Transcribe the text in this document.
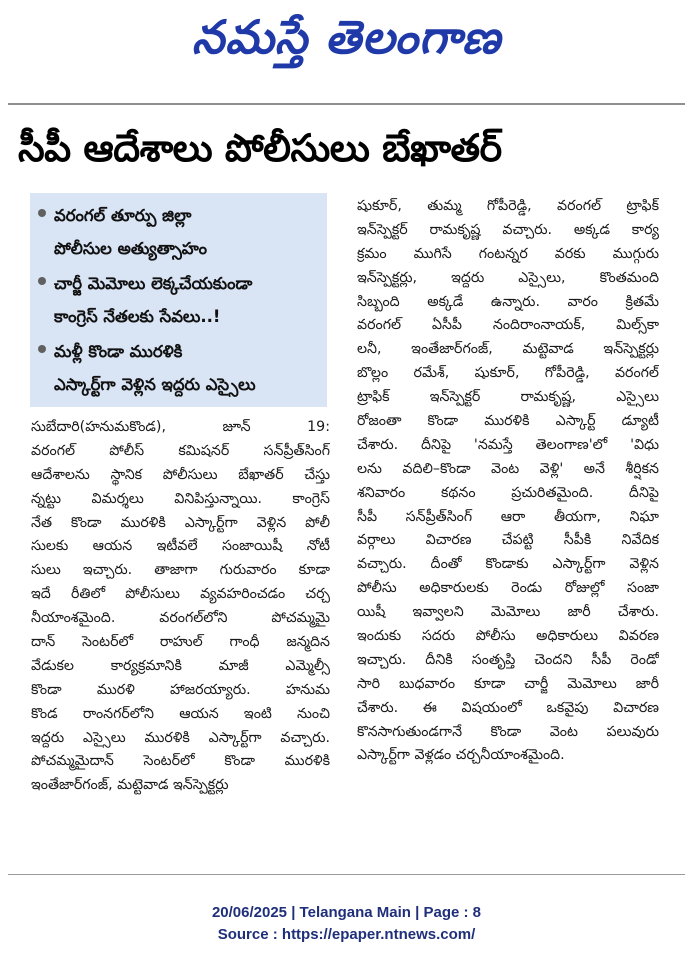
నమస్తే తెలంగాణ
సీపీ ఆదేశాలు పోలీసులు బేఖాతర్
వరంగల్ తూర్పు జిల్లా
పోలీసుల అత్యుత్సాహం
చార్జీ మెమోలు లెక్కచేయకుండా
కాంగ్రెస్ నేతలకు సేవలు..!
మళ్లీ కొండా మురళికి
ఎస్కార్ట్‌గా వెళ్లిన ఇద్దరు ఎస్సైలు
సుబేదారి(హనుమకొండ), జూన్ 19:
వరంగల్ పోలీస్ కమిషనర్ సన్‌ప్రీత్‌సింగ్
ఆదేశాలను స్థానిక పోలీసులు బేఖాతర్ చేస్తు
న్నట్టు విమర్శలు వినిపిస్తున్నాయి. కాంగ్రెస్
నేత కొండా మురళికి ఎస్కార్ట్‌గా వెళ్లిన పోలీ
సులకు ఆయన ఇటీవలే సంజాయిషీ నోటీ
సులు ఇచ్చారు. తాజాగా గురువారం కూడా
ఇదే రీతిలో పోలీసులు వ్యవహరించడం చర్చ
నీయాంశమైంది. వరంగల్‌లోని పోచమ్మమై
దాన్ సెంటర్‌లో రాహుల్ గాంధీ జన్మదిన
వేడుకల కార్యక్రమానికి మాజీ ఎమ్మెల్సీ
కొండా మురళి హాజరయ్యారు. హనుమ
కొండ రాంనగర్‌లోని ఆయన ఇంటి నుంచి
ఇద్దరు ఎస్సైలు మురళికి ఎస్కార్ట్‌గా వచ్చారు.
పోచమ్మమైదాన్ సెంటర్‌లో కొండా మురళికి
ఇంతేజార్‌గంజ్, మట్టెవాడ ఇన్‌స్పెక్టర్లు
షుకూర్, తుమ్మ గోపీరెడ్డి, వరంగల్ ట్రాఫిక్
ఇన్‌స్పెక్టర్ రామకృష్ణ వచ్చారు. అక్కడ కార్య
క్రమం ముగిసే గంటన్నర వరకు ముగ్గురు
ఇన్‌స్పెక్టర్లు, ఇద్దరు ఎస్సైలు, కొంతమంది
సిబ్బంది అక్కడే ఉన్నారు. వారం క్రితమే
వరంగల్ ఏసీపీ నందిరాంనాయక్, మిల్స్‌కా
లనీ, ఇంతేజార్‌గంజ్, మట్టెవాడ ఇన్‌స్పెక్టర్లు
బొల్లం రమేశ్, షుకూర్, గోపీరెడ్డి, వరంగల్
ట్రాఫిక్ ఇన్‌స్పెక్టర్ రామకృష్ణ, ఎస్సైలు
రోజంతా కొండా మురళికి ఎస్కార్ట్ డ్యూటీ
చేశారు. దీనిపై 'నమస్తే తెలంగాణ'లో 'విధు
లను వదిలి–కొండా వెంట వెళ్లి' అనే శీర్షికన
శనివారం కథనం ప్రచురితమైంది. దీనిపై
సీపీ సన్‌ప్రీత్‌సింగ్ ఆరా తీయగా, నిఘా
వర్గాలు విచారణ చేపట్టి సీపీకి నివేదిక
వచ్చారు. దీంతో కొండాకు ఎస్కార్ట్‌గా వెళ్లిన
పోలీసు అధికారులకు రెండు రోజుల్లో సంజా
యిషీ ఇవ్వాలని మెమోలు జారీ చేశారు.
ఇందుకు సదరు పోలీసు అధికారులు వివరణ
ఇచ్చారు. దీనికి సంతృప్తి చెందని సీపీ రెండో
సారి బుధవారం కూడా చార్జీ మెమోలు జారీ
చేశారు. ఈ విషయంలో ఒకవైపు విచారణ
కొనసాగుతుండగానే కొండా వెంట పలువురు
ఎస్కార్ట్‌గా వెళ్లడం చర్చనీయాంశమైంది.
20/06/2025 | Telangana Main | Page : 8
Source : https://epaper.ntnews.com/
